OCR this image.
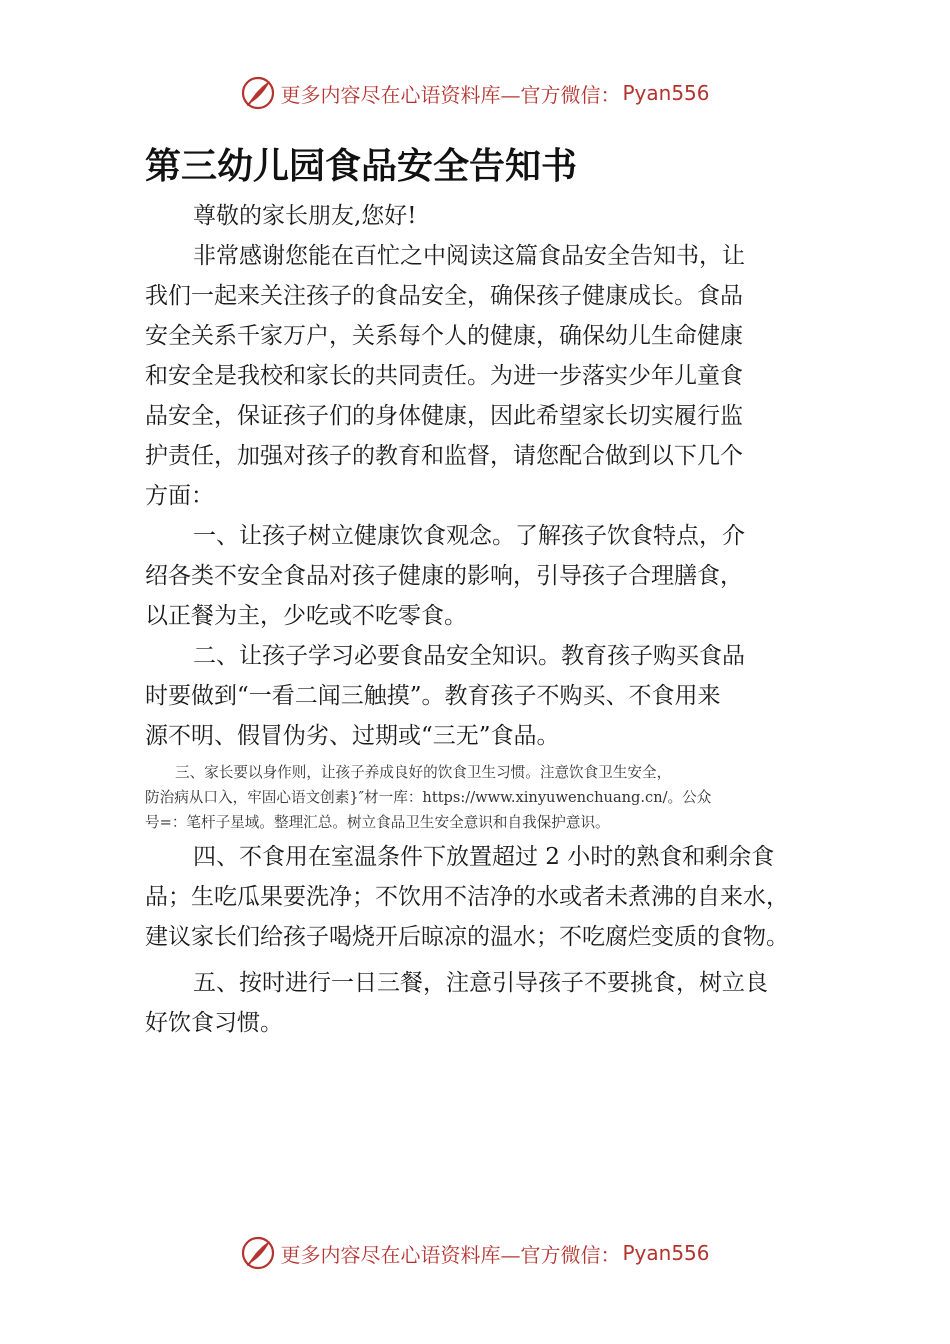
更多内容尽在心语资料库—官方微信： Pyan556
第三幼儿园食品安全告知书

尊敬的家长朋友,您好!

非常感谢您能在百忙之中阅读这篇食品安全告知书，让
我们一起来关注孩子的食品安全，确保孩子健康成长。食品
安全关系千家万户，关系每个人的健康，确保幼儿生命健康
和安全是我校和家长的共同责任。为进一步落实少年儿童食
品安全，保证孩子们的身体健康，因此希望家长切实履行监
护责任，加强对孩子的教育和监督，请您配合做到以下几个
方面：

一、让孩子树立健康饮食观念。了解孩子饮食特点，介
绍各类不安全食品对孩子健康的影响，引导孩子合理膳食，
以正餐为主，少吃或不吃零食。

二、让孩子学习必要食品安全知识。教育孩子购买食品
时要做到“一看二闻三触摸”。教育孩子不购买、不食用来
源不明、假冒伪劣、过期或“三无”食品。

三、家长要以身作则，让孩子养成良好的饮食卫生习惯。注意饮食卫生安全，
防治病从口入，牢固心语文创素}″材一库：https://www.xinyuwenchuang.cn/。公众
号=：笔杆子星域。整理汇总。树立食品卫生安全意识和自我保护意识。

四、不食用在室温条件下放置超过 2 小时的熟食和剩余食
品；生吃瓜果要洗净；不饮用不洁净的水或者未煮沸的自来水，
建议家长们给孩子喝烧开后晾凉的温水；不吃腐烂变质的食物。

五、按时进行一日三餐，注意引导孩子不要挑食，树立良
好饮食习惯。

更多内容尽在心语资料库—官方微信： Pyan556
